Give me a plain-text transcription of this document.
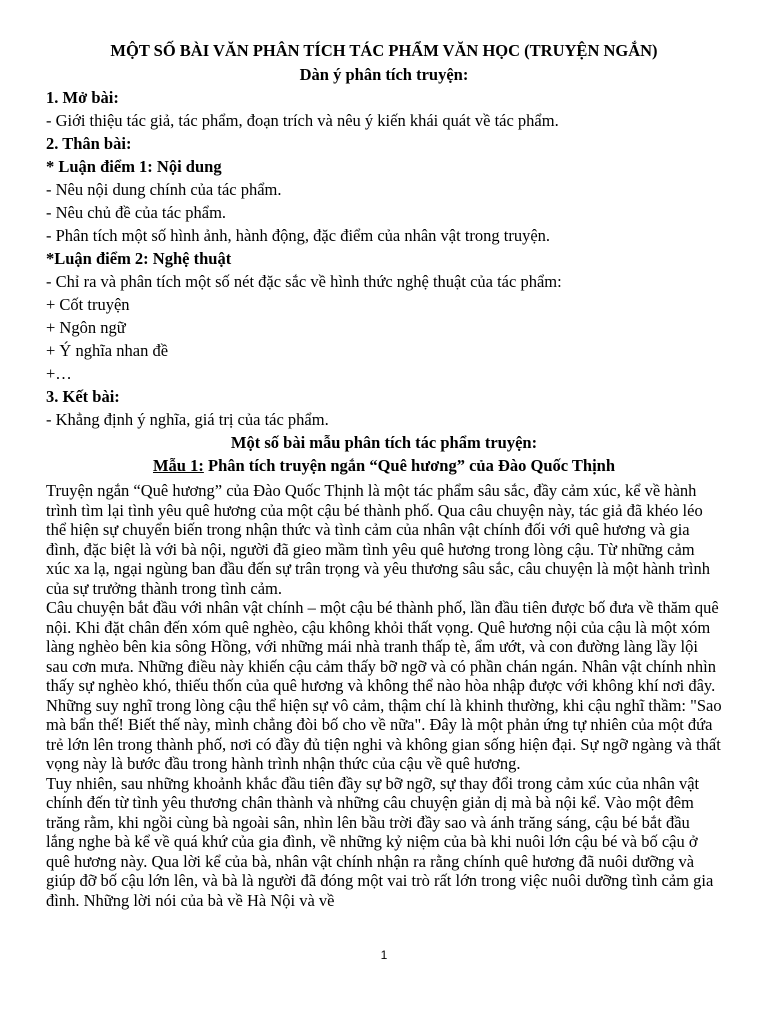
MỘT SỐ BÀI VĂN PHÂN TÍCH TÁC PHẨM VĂN HỌC (TRUYỆN NGẮN)

Dàn ý phân tích truyện:

1. Mở bài:

- Giới thiệu tác giả, tác phẩm, đoạn trích và nêu ý kiến khái quát về tác phẩm.

2. Thân bài:

* Luận điểm 1: Nội dung

- Nêu nội dung chính của tác phẩm.

- Nêu chủ đề của tác phẩm.

- Phân tích một số hình ảnh, hành động, đặc điểm của nhân vật trong truyện.

*Luận điểm 2: Nghệ thuật

- Chỉ ra và phân tích một số nét đặc sắc về hình thức nghệ thuật của tác phẩm:

+ Cốt truyện

+ Ngôn ngữ

+ Ý nghĩa nhan đề

+…

3. Kết bài:

- Khẳng định ý nghĩa, giá trị của tác phẩm.

Một số bài mẫu phân tích tác phẩm truyện:

Mẫu 1: Phân tích truyện ngắn “Quê hương” của Đào Quốc Thịnh

Truyện ngắn “Quê hương” của Đào Quốc Thịnh là một tác phẩm sâu sắc, đầy cảm xúc, kể về hành trình tìm lại tình yêu quê hương của một cậu bé thành phố. Qua câu chuyện này, tác giả đã khéo léo thể hiện sự chuyển biến trong nhận thức và tình cảm của nhân vật chính đối với quê hương và gia đình, đặc biệt là với bà nội, người đã gieo mầm tình yêu quê hương trong lòng cậu. Từ những cảm xúc xa lạ, ngại ngùng ban đầu đến sự trân trọng và yêu thương sâu sắc, câu chuyện là một hành trình của sự trưởng thành trong tình cảm.

Câu chuyện bắt đầu với nhân vật chính – một cậu bé thành phố, lần đầu tiên được bố đưa về thăm quê nội. Khi đặt chân đến xóm quê nghèo, cậu không khỏi thất vọng. Quê hương nội của cậu là một xóm làng nghèo bên kia sông Hồng, với những mái nhà tranh thấp tè, ẩm ướt, và con đường làng lầy lội sau cơn mưa. Những điều này khiến cậu cảm thấy bỡ ngỡ và có phần chán ngán. Nhân vật chính nhìn thấy sự nghèo khó, thiếu thốn của quê hương và không thể nào hòa nhập được với không khí nơi đây. Những suy nghĩ trong lòng cậu thể hiện sự vô cảm, thậm chí là khinh thường, khi cậu nghĩ thầm: "Sao mà bẩn thế! Biết thế này, mình chẳng đòi bố cho về nữa". Đây là một phản ứng tự nhiên của một đứa trẻ lớn lên trong thành phố, nơi có đầy đủ tiện nghi và không gian sống hiện đại. Sự ngỡ ngàng và thất vọng này là bước đầu trong hành trình nhận thức của cậu về quê hương.

Tuy nhiên, sau những khoảnh khắc đầu tiên đầy sự bỡ ngỡ, sự thay đổi trong cảm xúc của nhân vật chính đến từ tình yêu thương chân thành và những câu chuyện giản dị mà bà nội kể. Vào một đêm trăng rằm, khi ngồi cùng bà ngoài sân, nhìn lên bầu trời đầy sao và ánh trăng sáng, cậu bé bắt đầu lắng nghe bà kể về quá khứ của gia đình, về những kỷ niệm của bà khi nuôi lớn cậu bé và bố cậu ở quê hương này. Qua lời kể của bà, nhân vật chính nhận ra rằng chính quê hương đã nuôi dưỡng và giúp đỡ bố cậu lớn lên, và bà là người đã đóng một vai trò rất lớn trong việc nuôi dưỡng tình cảm gia đình. Những lời nói của bà về Hà Nội và về

1
